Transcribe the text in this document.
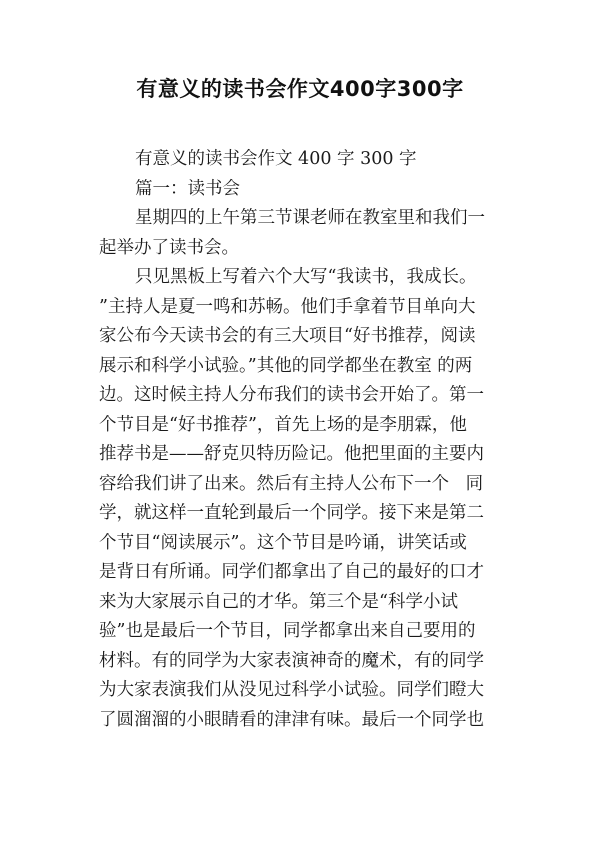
有意义的读书会作文400字300字
有意义的读书会作文 400 字 300 字
篇一：读书会
星期四的上午第三节课老师在教室里和我们一
起举办了读书会。
只见黑板上写着六个大写“我读书，我成长。
”主持人是夏一鸣和苏畅。他们手拿着节目单向大
家公布今天读书会的有三大项目“好书推荐，阅读
展示和科学小试验。”其他的同学都坐在教室 的两
边。这时候主持人分布我们的读书会开始了。第一
个节目是“好书推荐”，首先上场的是李朋霖，他
推荐书是——舒克贝特历险记。他把里面的主要内
容给我们讲了出来。然后有主持人公布下一个   同
学，就这样一直轮到最后一个同学。接下来是第二
个节目“阅读展示”。这个节目是吟诵，讲笑话或
是背日有所诵。同学们都拿出了自己的最好的口才
来为大家展示自己的才华。第三个是“科学小试
验”也是最后一个节目，同学都拿出来自己要用的
材料。有的同学为大家表演神奇的魔术，有的同学
为大家表演我们从没见过科学小试验。同学们瞪大
了圆溜溜的小眼睛看的津津有味。最后一个同学也
